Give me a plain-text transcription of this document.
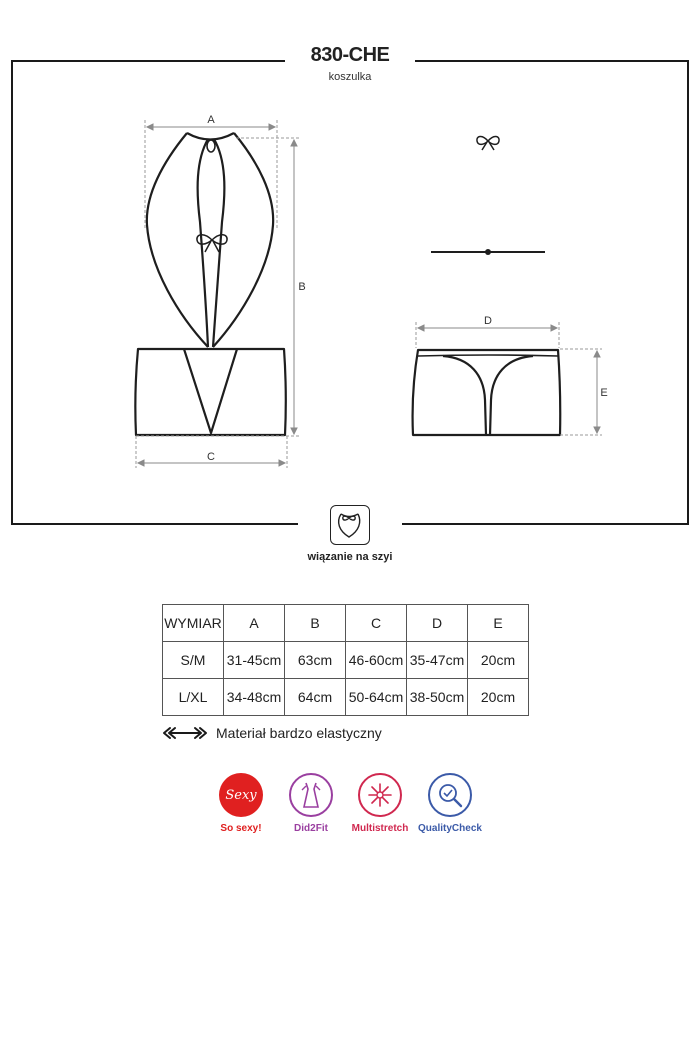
A
B
C
D
E
830-CHE
koszulka
wiązanie na szyi
WYMIAR	A	B	C	D	E
S/M	31-45cm	63cm	46-60cm	35-47cm	20cm
L/XL	34-48cm	64cm	50-64cm	38-50cm	20cm
Materiał bardzo elastyczny
Sexy
So sexy!	Did2Fit	Multistretch QualityCheck
